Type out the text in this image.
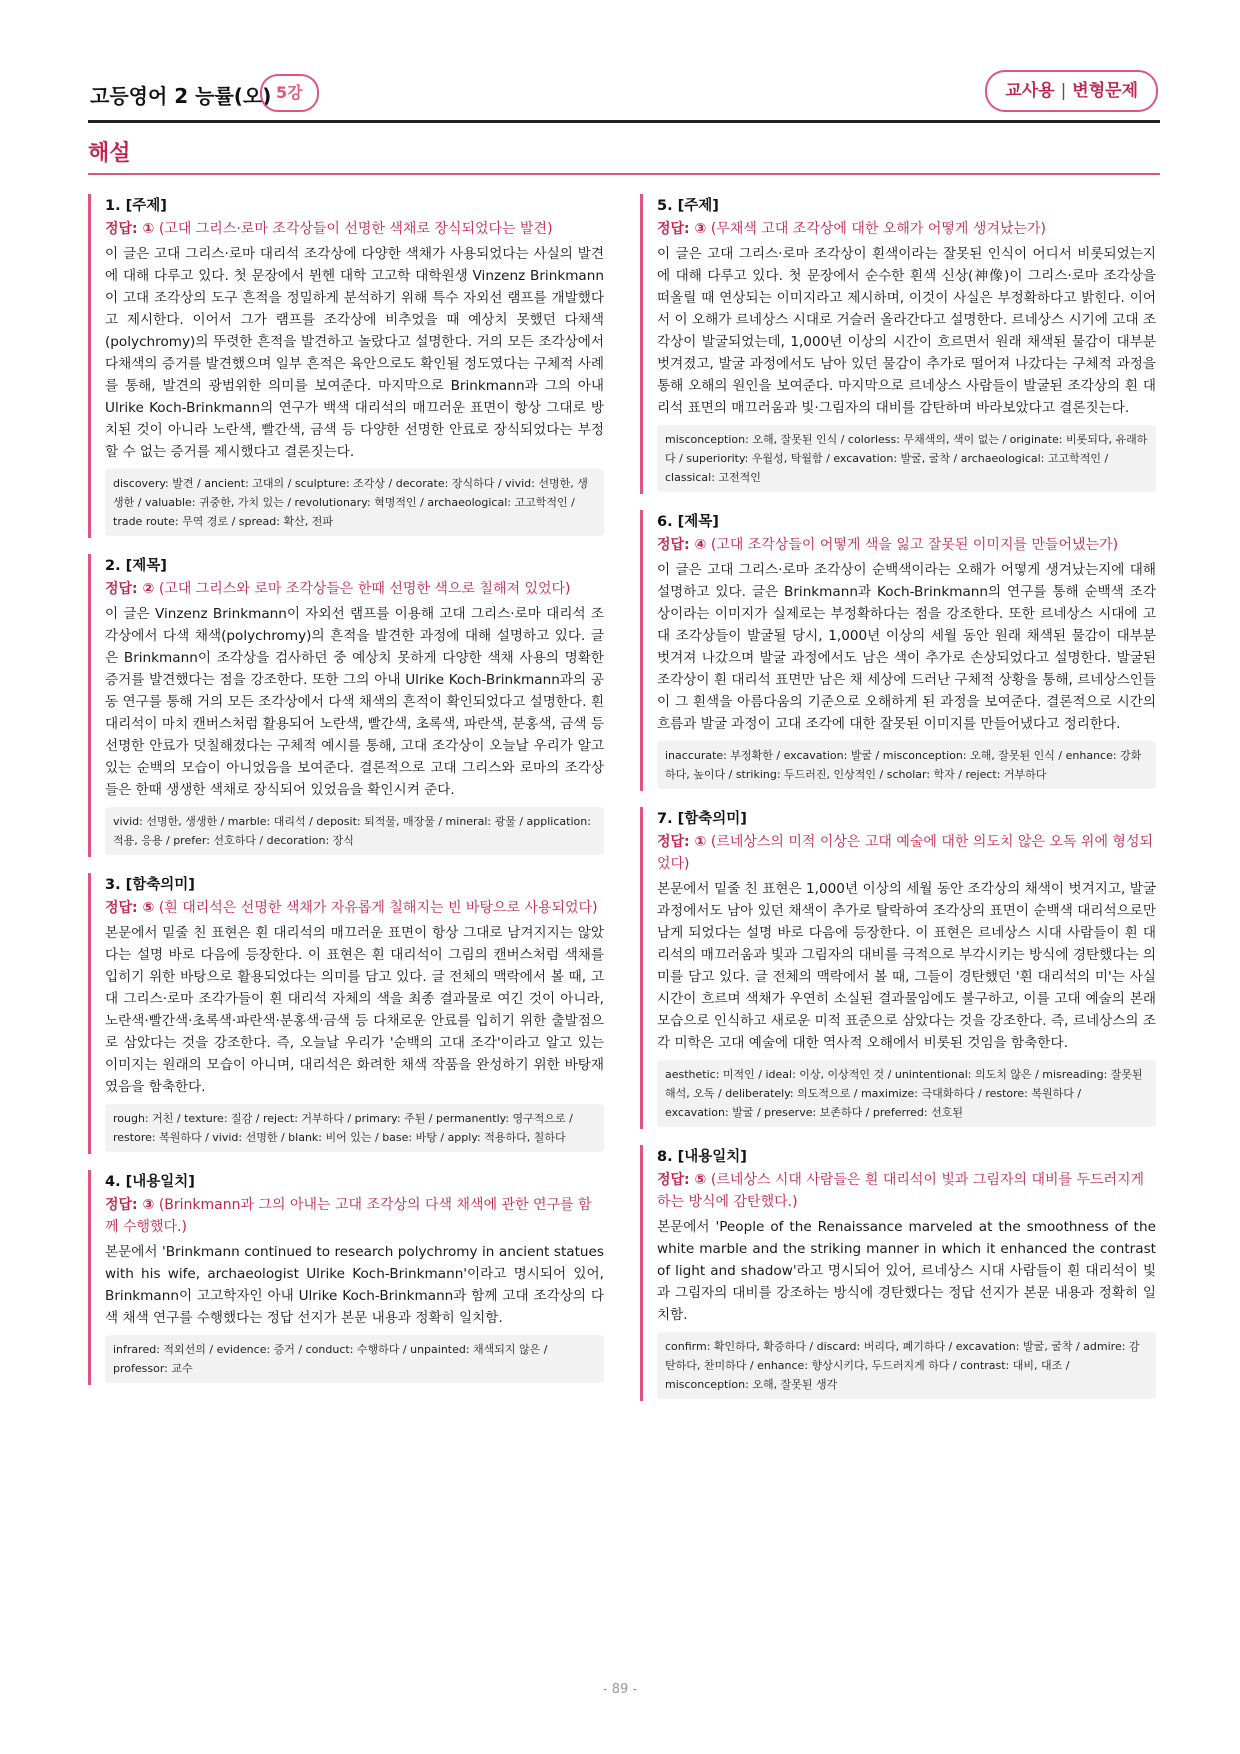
고등영어 2 능률(오) 5강	교사용 | 변형문제
해설
1. [주제]
정답: ① (고대 그리스·로마 조각상들이 선명한 색채로 장식되었다는 발견)
이 글은 고대 그리스·로마 대리석 조각상에 다양한 색채가 사용되었다는 사실의 발견에 대해 다루고 있다. 첫 문장에서 뮌헨 대학 고고학 대학원생 Vinzenz Brinkmann이 고대 조각상의 도구 흔적을 정밀하게 분석하기 위해 특수 자외선 램프를 개발했다고 제시한다. 이어서 그가 램프를 조각상에 비추었을 때 예상치 못했던 다채색(polychromy)의 뚜렷한 흔적을 발견하고 놀랐다고 설명한다. 거의 모든 조각상에서 다채색의 증거를 발견했으며 일부 흔적은 육안으로도 확인될 정도였다는 구체적 사례를 통해, 발견의 광범위한 의미를 보여준다. 마지막으로 Brinkmann과 그의 아내 Ulrike Koch-Brinkmann의 연구가 백색 대리석의 매끄러운 표면이 항상 그대로 방치된 것이 아니라 노란색, 빨간색, 금색 등 다양한 선명한 안료로 장식되었다는 부정할 수 없는 증거를 제시했다고 결론짓는다.
discovery: 발견 / ancient: 고대의 / sculpture: 조각상 / decorate: 장식하다 / vivid: 선명한, 생생한 / valuable: 귀중한, 가치 있는 / revolutionary: 혁명적인 / archaeological: 고고학적인 / trade route: 무역 경로 / spread: 확산, 전파
2. [제목]
정답: ② (고대 그리스와 로마 조각상들은 한때 선명한 색으로 칠해져 있었다)
이 글은 Vinzenz Brinkmann이 자외선 램프를 이용해 고대 그리스·로마 대리석 조각상에서 다색 채색(polychromy)의 흔적을 발견한 과정에 대해 설명하고 있다. 글은 Brinkmann이 조각상을 검사하던 중 예상치 못하게 다양한 색채 사용의 명확한 증거를 발견했다는 점을 강조한다. 또한 그의 아내 Ulrike Koch-Brinkmann과의 공동 연구를 통해 거의 모든 조각상에서 다색 채색의 흔적이 확인되었다고 설명한다. 흰 대리석이 마치 캔버스처럼 활용되어 노란색, 빨간색, 초록색, 파란색, 분홍색, 금색 등 선명한 안료가 덧칠해졌다는 구체적 예시를 통해, 고대 조각상이 오늘날 우리가 알고 있는 순백의 모습이 아니었음을 보여준다. 결론적으로 고대 그리스와 로마의 조각상들은 한때 생생한 색채로 장식되어 있었음을 확인시켜 준다.
vivid: 선명한, 생생한 / marble: 대리석 / deposit: 퇴적물, 매장물 / mineral: 광물 / application: 적용, 응용 / prefer: 선호하다 / decoration: 장식
3. [함축의미]
정답: ⑤ (흰 대리석은 선명한 색채가 자유롭게 칠해지는 빈 바탕으로 사용되었다)
본문에서 밑줄 친 표현은 흰 대리석의 매끄러운 표면이 항상 그대로 남겨지지는 않았다는 설명 바로 다음에 등장한다. 이 표현은 흰 대리석이 그림의 캔버스처럼 색채를 입히기 위한 바탕으로 활용되었다는 의미를 담고 있다. 글 전체의 맥락에서 볼 때, 고대 그리스·로마 조각가들이 흰 대리석 자체의 색을 최종 결과물로 여긴 것이 아니라, 노란색·빨간색·초록색·파란색·분홍색·금색 등 다채로운 안료를 입히기 위한 출발점으로 삼았다는 것을 강조한다. 즉, 오늘날 우리가 '순백의 고대 조각'이라고 알고 있는 이미지는 원래의 모습이 아니며, 대리석은 화려한 채색 작품을 완성하기 위한 바탕재였음을 함축한다.
rough: 거친 / texture: 질감 / reject: 거부하다 / primary: 주된 / permanently: 영구적으로 / restore: 복원하다 / vivid: 선명한 / blank: 비어 있는 / base: 바탕 / apply: 적용하다, 칠하다
4. [내용일치]
정답: ③ (Brinkmann과 그의 아내는 고대 조각상의 다색 채색에 관한 연구를 함께 수행했다.)
본문에서 'Brinkmann continued to research polychromy in ancient statues with his wife, archaeologist Ulrike Koch-Brinkmann'이라고 명시되어 있어, Brinkmann이 고고학자인 아내 Ulrike Koch-Brinkmann과 함께 고대 조각상의 다색 채색 연구를 수행했다는 정답 선지가 본문 내용과 정확히 일치함.
infrared: 적외선의 / evidence: 증거 / conduct: 수행하다 / unpainted: 채색되지 않은 / professor: 교수
5. [주제]
정답: ③ (무채색 고대 조각상에 대한 오해가 어떻게 생겨났는가)
이 글은 고대 그리스·로마 조각상이 흰색이라는 잘못된 인식이 어디서 비롯되었는지에 대해 다루고 있다. 첫 문장에서 순수한 흰색 신상(神像)이 그리스·로마 조각상을 떠올릴 때 연상되는 이미지라고 제시하며, 이것이 사실은 부정확하다고 밝힌다. 이어서 이 오해가 르네상스 시대로 거슬러 올라간다고 설명한다. 르네상스 시기에 고대 조각상이 발굴되었는데, 1,000년 이상의 시간이 흐르면서 원래 채색된 물감이 대부분 벗겨졌고, 발굴 과정에서도 남아 있던 물감이 추가로 떨어져 나갔다는 구체적 과정을 통해 오해의 원인을 보여준다. 마지막으로 르네상스 사람들이 발굴된 조각상의 흰 대리석 표면의 매끄러움과 빛·그림자의 대비를 감탄하며 바라보았다고 결론짓는다.
misconception: 오해, 잘못된 인식 / colorless: 무채색의, 색이 없는 / originate: 비롯되다, 유래하다 / superiority: 우월성, 탁월함 / excavation: 발굴, 굴착 / archaeological: 고고학적인 / classical: 고전적인
6. [제목]
정답: ④ (고대 조각상들이 어떻게 색을 잃고 잘못된 이미지를 만들어냈는가)
이 글은 고대 그리스·로마 조각상이 순백색이라는 오해가 어떻게 생겨났는지에 대해 설명하고 있다. 글은 Brinkmann과 Koch-Brinkmann의 연구를 통해 순백색 조각상이라는 이미지가 실제로는 부정확하다는 점을 강조한다. 또한 르네상스 시대에 고대 조각상들이 발굴될 당시, 1,000년 이상의 세월 동안 원래 채색된 물감이 대부분 벗겨져 나갔으며 발굴 과정에서도 남은 색이 추가로 손상되었다고 설명한다. 발굴된 조각상이 흰 대리석 표면만 남은 채 세상에 드러난 구체적 상황을 통해, 르네상스인들이 그 흰색을 아름다움의 기준으로 오해하게 된 과정을 보여준다. 결론적으로 시간의 흐름과 발굴 과정이 고대 조각에 대한 잘못된 이미지를 만들어냈다고 정리한다.
inaccurate: 부정확한 / excavation: 발굴 / misconception: 오해, 잘못된 인식 / enhance: 강화하다, 높이다 / striking: 두드러진, 인상적인 / scholar: 학자 / reject: 거부하다
7. [함축의미]
정답: ① (르네상스의 미적 이상은 고대 예술에 대한 의도치 않은 오독 위에 형성되었다)
본문에서 밑줄 친 표현은 1,000년 이상의 세월 동안 조각상의 채색이 벗겨지고, 발굴 과정에서도 남아 있던 채색이 추가로 탈락하여 조각상의 표면이 순백색 대리석으로만 남게 되었다는 설명 바로 다음에 등장한다. 이 표현은 르네상스 시대 사람들이 흰 대리석의 매끄러움과 빛과 그림자의 대비를 극적으로 부각시키는 방식에 경탄했다는 의미를 담고 있다. 글 전체의 맥락에서 볼 때, 그들이 경탄했던 '흰 대리석의 미'는 사실 시간이 흐르며 색채가 우연히 소실된 결과물임에도 불구하고, 이를 고대 예술의 본래 모습으로 인식하고 새로운 미적 표준으로 삼았다는 것을 강조한다. 즉, 르네상스의 조각 미학은 고대 예술에 대한 역사적 오해에서 비롯된 것임을 함축한다.
aesthetic: 미적인 / ideal: 이상, 이상적인 것 / unintentional: 의도치 않은 / misreading: 잘못된 해석, 오독 / deliberately: 의도적으로 / maximize: 극대화하다 / restore: 복원하다 / excavation: 발굴 / preserve: 보존하다 / preferred: 선호된
8. [내용일치]
정답: ⑤ (르네상스 시대 사람들은 흰 대리석이 빛과 그림자의 대비를 두드러지게 하는 방식에 감탄했다.)
본문에서 'People of the Renaissance marveled at the smoothness of the white marble and the striking manner in which it enhanced the contrast of light and shadow'라고 명시되어 있어, 르네상스 시대 사람들이 흰 대리석이 빛과 그림자의 대비를 강조하는 방식에 경탄했다는 정답 선지가 본문 내용과 정확히 일치함.
confirm: 확인하다, 확증하다 / discard: 버리다, 폐기하다 / excavation: 발굴, 굴착 / admire: 감탄하다, 찬미하다 / enhance: 향상시키다, 두드러지게 하다 / contrast: 대비, 대조 / misconception: 오해, 잘못된 생각
- 89 -
